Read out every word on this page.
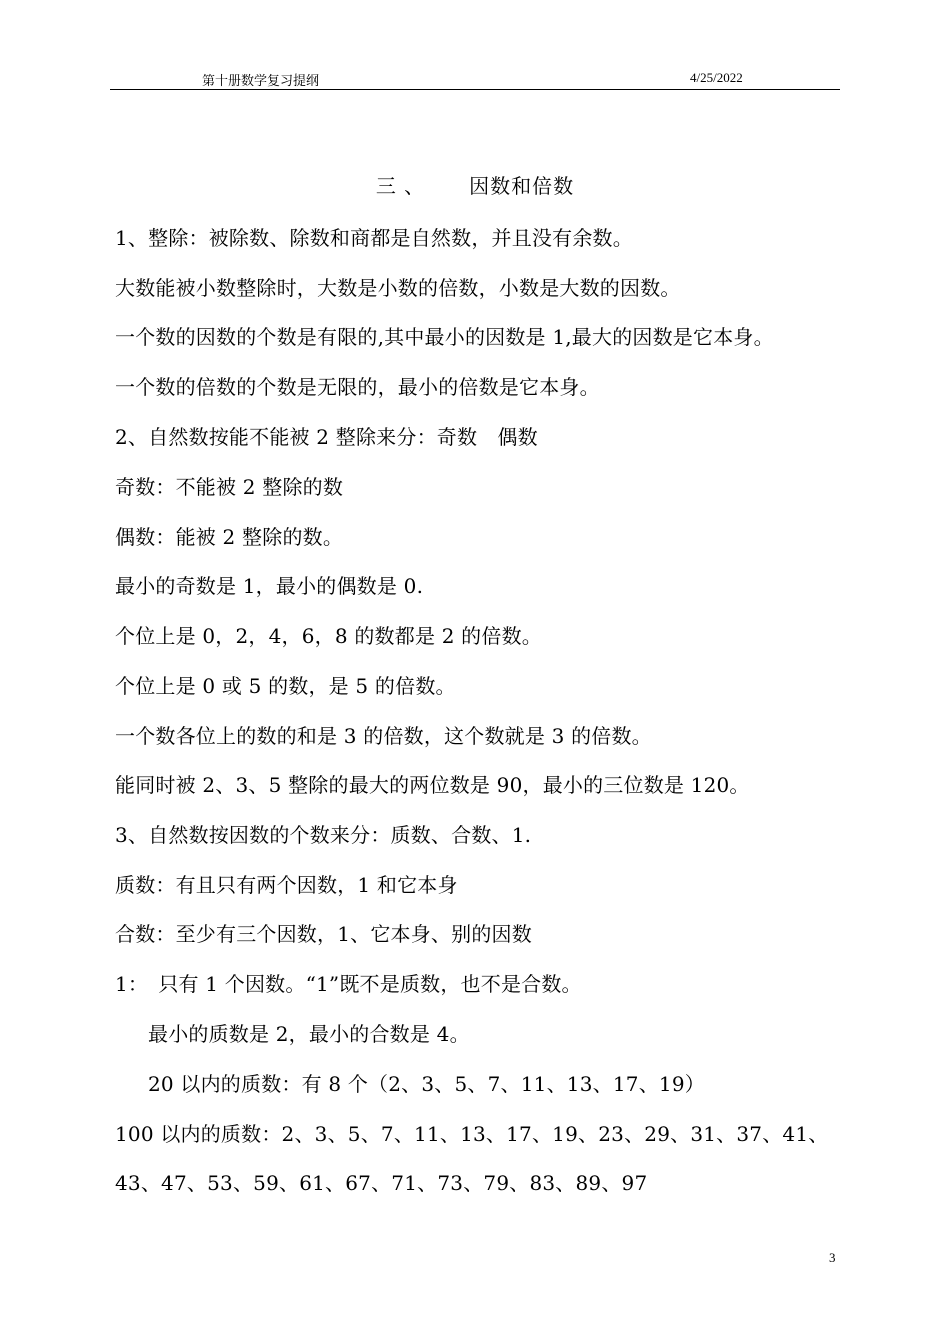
第十册数学复习提纲	4/25/2022
三 、 因数和倍数
1、整除：被除数、除数和商都是自然数，并且没有余数。
大数能被小数整除时，大数是小数的倍数，小数是大数的因数。
一个数的因数的个数是有限的,其中最小的因数是 1,最大的因数是它本身。
一个数的倍数的个数是无限的，最小的倍数是它本身。
2、自然数按能不能被 2 整除来分：奇数　偶数
奇数：不能被 2 整除的数
偶数：能被 2 整除的数。
最小的奇数是 1，最小的偶数是 0.
个位上是 0，2，4，6，8 的数都是 2 的倍数。
个位上是 0 或 5 的数，是 5 的倍数。
一个数各位上的数的和是 3 的倍数，这个数就是 3 的倍数。
能同时被 2、3、5 整除的最大的两位数是 90，最小的三位数是 120。
3、自然数按因数的个数来分：质数、合数、1.
质数：有且只有两个因数，1 和它本身
合数：至少有三个因数，1、它本身、别的因数
1：　只有 1 个因数。“1”既不是质数，也不是合数。
最小的质数是 2，最小的合数是 4。
20 以内的质数：有 8 个（2、3、5、7、11、13、17、19）
100 以内的质数：2、3、5、7、11、13、17、19、23、29、31、37、41、
43、47、53、59、61、67、71、73、79、83、89、97
3
